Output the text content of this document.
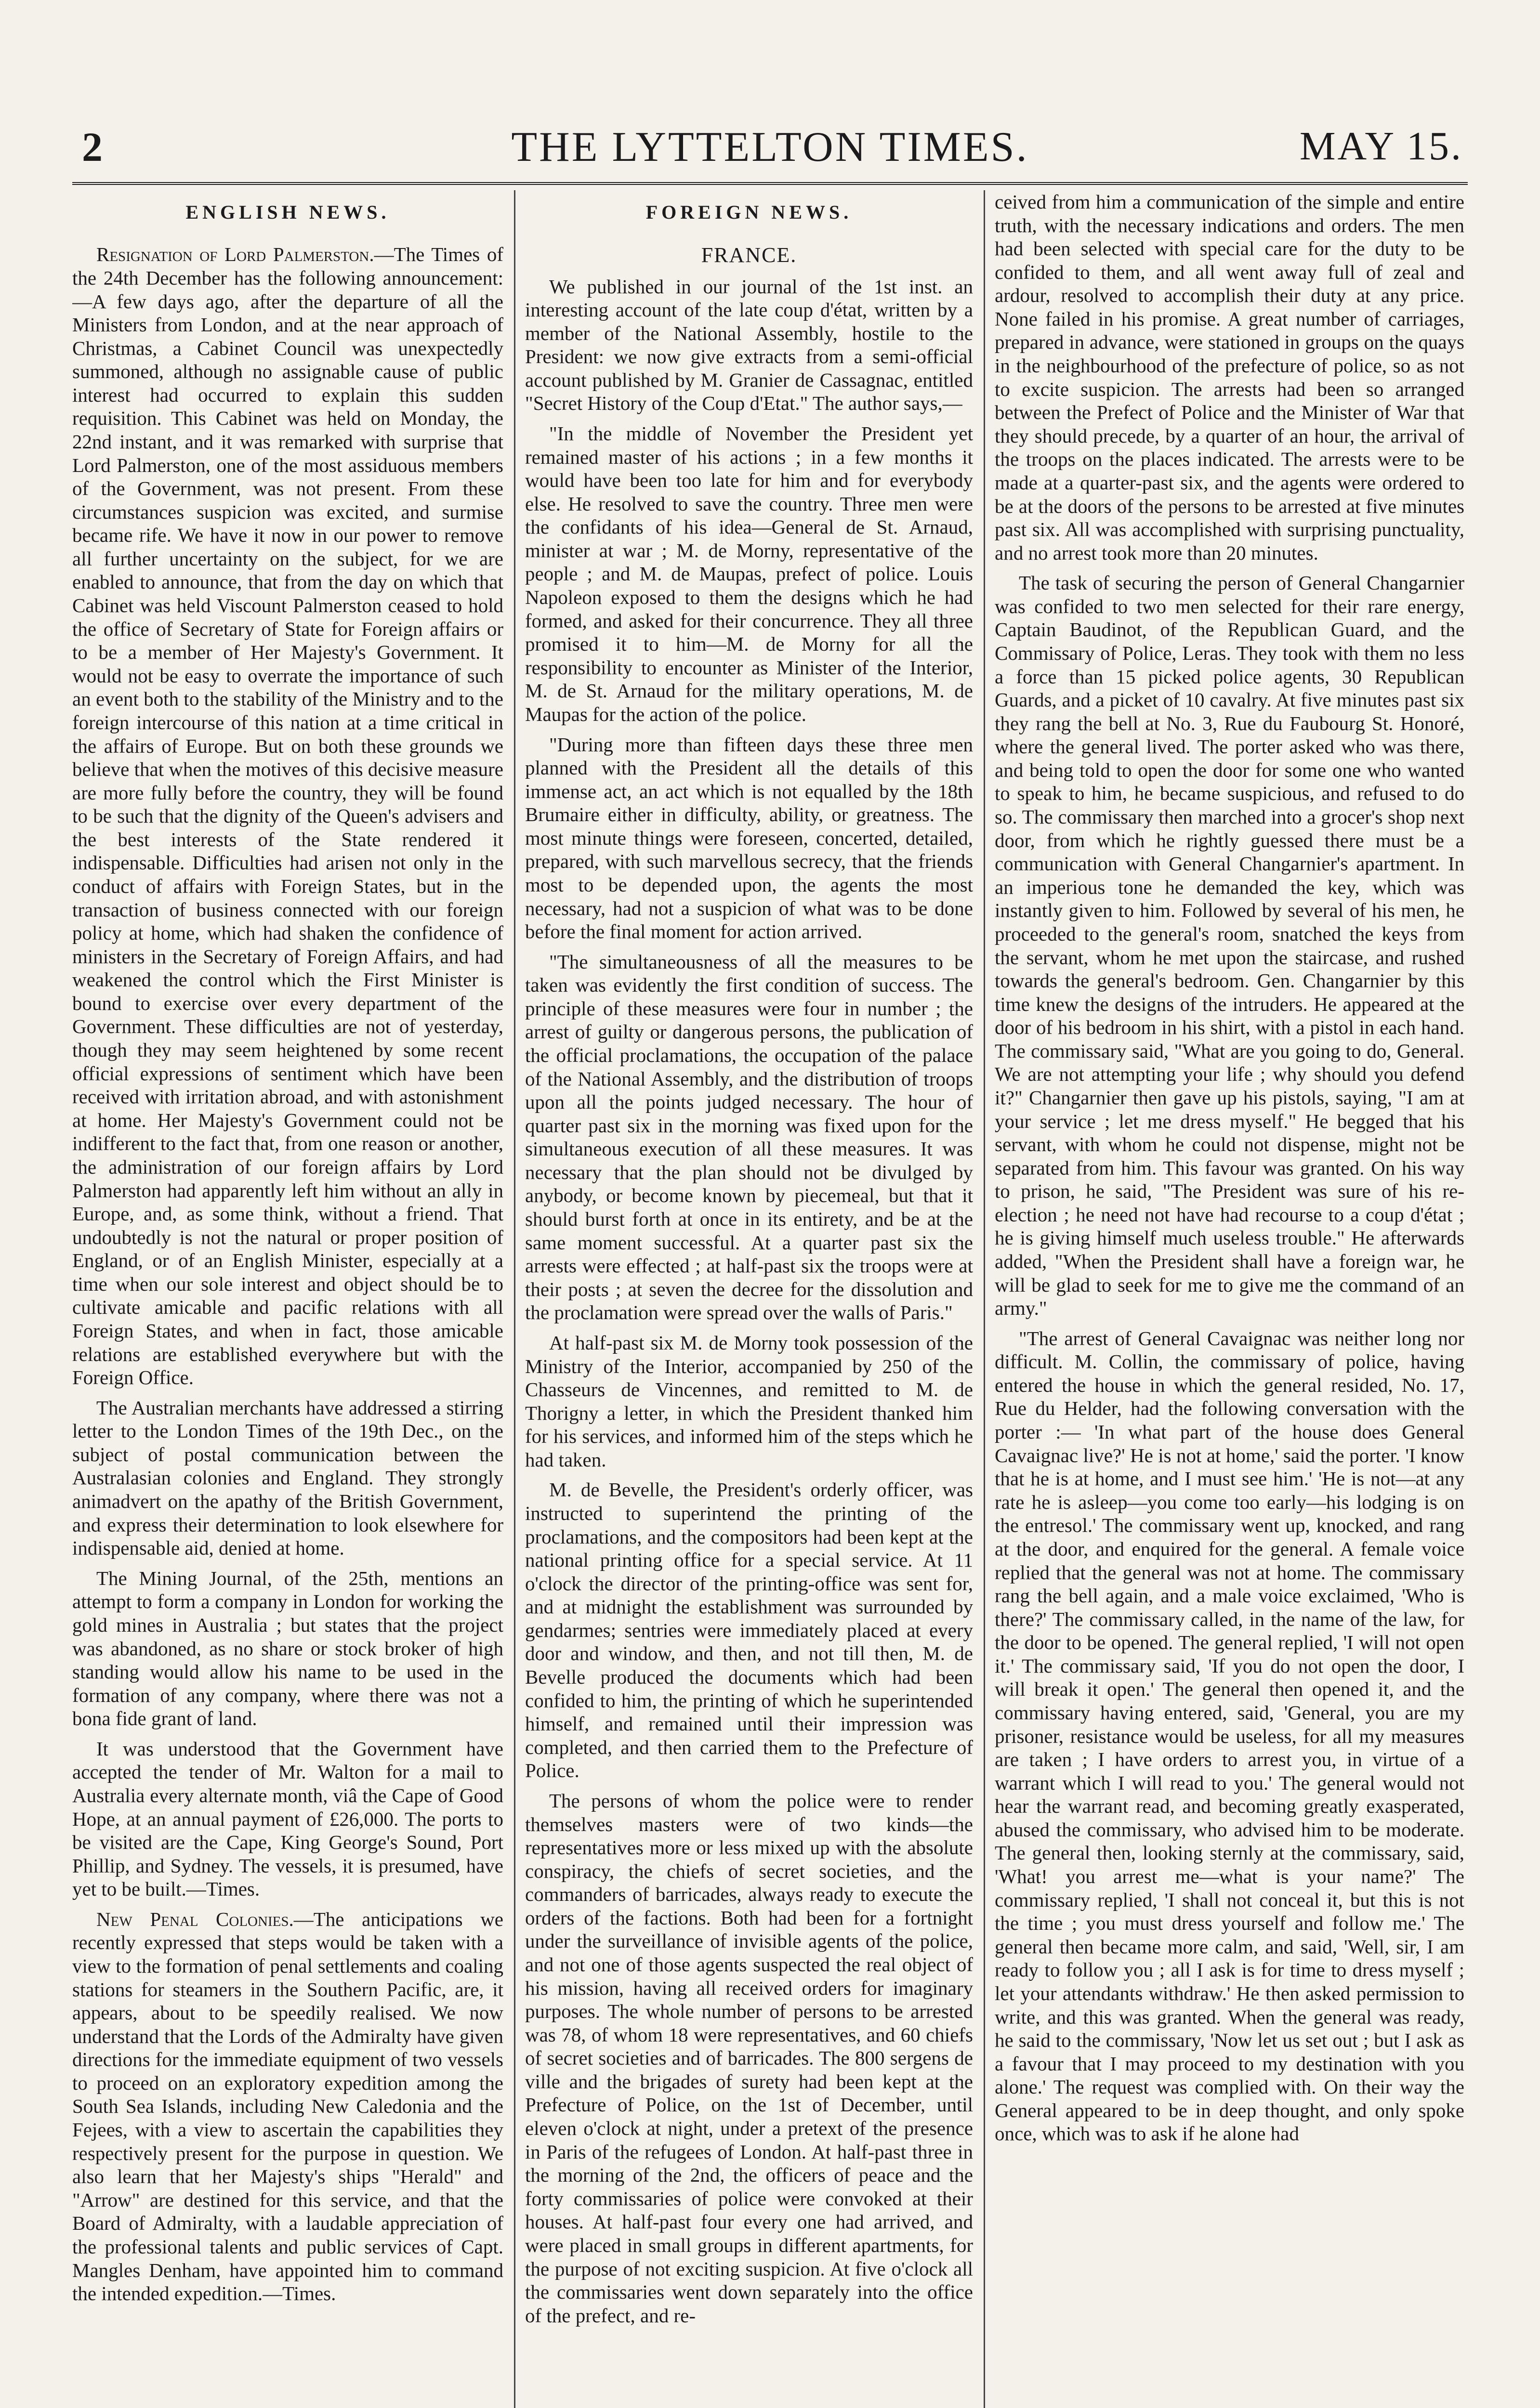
2	THE LYTTELTON TIMES.	MAY 15.
ENGLISH NEWS.

Resignation of Lord Palmerston.—The Times of the 24th December has the following announcement:—A few days ago, after the departure of all the Ministers from London, and at the near approach of Christmas, a Cabinet Council was unexpectedly summoned, although no assignable cause of public interest had occurred to explain this sudden requisition. This Cabinet was held on Monday, the 22nd instant, and it was remarked with surprise that Lord Palmerston, one of the most assiduous members of the Government, was not present. From these circumstances suspicion was excited, and surmise became rife. We have it now in our power to remove all further uncertainty on the subject, for we are enabled to announce, that from the day on which that Cabinet was held Viscount Palmerston ceased to hold the office of Secretary of State for Foreign affairs or to be a member of Her Majesty's Government. It would not be easy to overrate the importance of such an event both to the stability of the Ministry and to the foreign intercourse of this nation at a time critical in the affairs of Europe. But on both these grounds we believe that when the motives of this decisive measure are more fully before the country, they will be found to be such that the dignity of the Queen's advisers and the best interests of the State rendered it indispensable. Difficulties had arisen not only in the conduct of affairs with Foreign States, but in the transaction of business connected with our foreign policy at home, which had shaken the confidence of ministers in the Secretary of Foreign Affairs, and had weakened the control which the First Minister is bound to exercise over every department of the Government. These difficulties are not of yesterday, though they may seem heightened by some recent official expressions of sentiment which have been received with irritation abroad, and with astonishment at home. Her Majesty's Government could not be indifferent to the fact that, from one reason or another, the administration of our foreign affairs by Lord Palmerston had apparently left him without an ally in Europe, and, as some think, without a friend. That undoubtedly is not the natural or proper position of England, or of an English Minister, especially at a time when our sole interest and object should be to cultivate amicable and pacific relations with all Foreign States, and when in fact, those amicable relations are established everywhere but with the Foreign Office.

The Australian merchants have addressed a stirring letter to the London Times of the 19th Dec., on the subject of postal communication between the Australasian colonies and England. They strongly animadvert on the apathy of the British Government, and express their determination to look elsewhere for indispensable aid, denied at home.

The Mining Journal, of the 25th, mentions an attempt to form a company in London for working the gold mines in Australia ; but states that the project was abandoned, as no share or stock broker of high standing would allow his name to be used in the formation of any company, where there was not a bona fide grant of land.

It was understood that the Government have accepted the tender of Mr. Walton for a mail to Australia every alternate month, viâ the Cape of Good Hope, at an annual payment of £26,000. The ports to be visited are the Cape, King George's Sound, Port Phillip, and Sydney. The vessels, it is presumed, have yet to be built.—Times.

New Penal Colonies.—The anticipations we recently expressed that steps would be taken with a view to the formation of penal settlements and coaling stations for steamers in the Southern Pacific, are, it appears, about to be speedily realised. We now understand that the Lords of the Admiralty have given directions for the immediate equipment of two vessels to proceed on an exploratory expedition among the South Sea Islands, including New Caledonia and the Fejees, with a view to ascertain the capabilities they respectively present for the purpose in question. We also learn that her Majesty's ships "Herald" and "Arrow" are destined for this service, and that the Board of Admiralty, with a laudable appreciation of the professional talents and public services of Capt. Mangles Denham, have appointed him to command the intended expedition.—Times.

FOREIGN NEWS.
FRANCE.

We published in our journal of the 1st inst. an interesting account of the late coup d'état, written by a member of the National Assembly, hostile to the President: we now give extracts from a semi-official account published by M. Granier de Cassagnac, entitled "Secret History of the Coup d'Etat." The author says,—

"In the middle of November the President yet remained master of his actions ; in a few months it would have been too late for him and for everybody else. He resolved to save the country. Three men were the confidants of his idea—General de St. Arnaud, minister at war ; M. de Morny, representative of the people ; and M. de Maupas, prefect of police. Louis Napoleon exposed to them the designs which he had formed, and asked for their concurrence. They all three promised it to him—M. de Morny for all the responsibility to encounter as Minister of the Interior, M. de St. Arnaud for the military operations, M. de Maupas for the action of the police.

"During more than fifteen days these three men planned with the President all the details of this immense act, an act which is not equalled by the 18th Brumaire either in difficulty, ability, or greatness. The most minute things were foreseen, concerted, detailed, prepared, with such marvellous secrecy, that the friends most to be depended upon, the agents the most necessary, had not a suspicion of what was to be done before the final moment for action arrived.

"The simultaneousness of all the measures to be taken was evidently the first condition of success. The principle of these measures were four in number ; the arrest of guilty or dangerous persons, the publication of the official proclamations, the occupation of the palace of the National Assembly, and the distribution of troops upon all the points judged necessary. The hour of quarter past six in the morning was fixed upon for the simultaneous execution of all these measures. It was necessary that the plan should not be divulged by anybody, or become known by piecemeal, but that it should burst forth at once in its entirety, and be at the same moment successful. At a quarter past six the arrests were effected ; at half-past six the troops were at their posts ; at seven the decree for the dissolution and the proclamation were spread over the walls of Paris."

At half-past six M. de Morny took possession of the Ministry of the Interior, accompanied by 250 of the Chasseurs de Vincennes, and remitted to M. de Thorigny a letter, in which the President thanked him for his services, and informed him of the steps which he had taken.

M. de Bevelle, the President's orderly officer, was instructed to superintend the printing of the proclamations, and the compositors had been kept at the national printing office for a special service. At 11 o'clock the director of the printing-office was sent for, and at midnight the establishment was surrounded by gendarmes; sentries were immediately placed at every door and window, and then, and not till then, M. de Bevelle produced the documents which had been confided to him, the printing of which he superintended himself, and remained until their impression was completed, and then carried them to the Prefecture of Police.

The persons of whom the police were to render themselves masters were of two kinds—the representatives more or less mixed up with the absolute conspiracy, the chiefs of secret societies, and the commanders of barricades, always ready to execute the orders of the factions. Both had been for a fortnight under the surveillance of invisible agents of the police, and not one of those agents suspected the real object of his mission, having all received orders for imaginary purposes. The whole number of persons to be arrested was 78, of whom 18 were representatives, and 60 chiefs of secret societies and of barricades. The 800 sergens de ville and the brigades of surety had been kept at the Prefecture of Police, on the 1st of December, until eleven o'clock at night, under a pretext of the presence in Paris of the refugees of London. At half-past three in the morning of the 2nd, the officers of peace and the forty commissaries of police were convoked at their houses. At half-past four every one had arrived, and were placed in small groups in different apartments, for the purpose of not exciting suspicion. At five o'clock all the commissaries went down separately into the office of the prefect, and re-

ceived from him a communication of the simple and entire truth, with the necessary indications and orders. The men had been selected with special care for the duty to be confided to them, and all went away full of zeal and ardour, resolved to accomplish their duty at any price. None failed in his promise. A great number of carriages, prepared in advance, were stationed in groups on the quays in the neighbourhood of the prefecture of police, so as not to excite suspicion. The arrests had been so arranged between the Prefect of Police and the Minister of War that they should precede, by a quarter of an hour, the arrival of the troops on the places indicated. The arrests were to be made at a quarter-past six, and the agents were ordered to be at the doors of the persons to be arrested at five minutes past six. All was accomplished with surprising punctuality, and no arrest took more than 20 minutes.

The task of securing the person of General Changarnier was confided to two men selected for their rare energy, Captain Baudinot, of the Republican Guard, and the Commissary of Police, Leras. They took with them no less a force than 15 picked police agents, 30 Republican Guards, and a picket of 10 cavalry. At five minutes past six they rang the bell at No. 3, Rue du Faubourg St. Honoré, where the general lived. The porter asked who was there, and being told to open the door for some one who wanted to speak to him, he became suspicious, and refused to do so. The commissary then marched into a grocer's shop next door, from which he rightly guessed there must be a communication with General Changarnier's apartment. In an imperious tone he demanded the key, which was instantly given to him. Followed by several of his men, he proceeded to the general's room, snatched the keys from the servant, whom he met upon the staircase, and rushed towards the general's bedroom. Gen. Changarnier by this time knew the designs of the intruders. He appeared at the door of his bedroom in his shirt, with a pistol in each hand. The commissary said, "What are you going to do, General. We are not attempting your life ; why should you defend it?" Changarnier then gave up his pistols, saying, "I am at your service ; let me dress myself." He begged that his servant, with whom he could not dispense, might not be separated from him. This favour was granted. On his way to prison, he said, "The President was sure of his re-election ; he need not have had recourse to a coup d'état ; he is giving himself much useless trouble." He afterwards added, "When the President shall have a foreign war, he will be glad to seek for me to give me the command of an army."

"The arrest of General Cavaignac was neither long nor difficult. M. Collin, the commissary of police, having entered the house in which the general resided, No. 17, Rue du Helder, had the following conversation with the porter :— 'In what part of the house does General Cavaignac live?' He is not at home,' said the porter. 'I know that he is at home, and I must see him.' 'He is not—at any rate he is asleep—you come too early—his lodging is on the entresol.' The commissary went up, knocked, and rang at the door, and enquired for the general. A female voice replied that the general was not at home. The commissary rang the bell again, and a male voice exclaimed, 'Who is there?' The commissary called, in the name of the law, for the door to be opened. The general replied, 'I will not open it.' The commissary said, 'If you do not open the door, I will break it open.' The general then opened it, and the commissary having entered, said, 'General, you are my prisoner, resistance would be useless, for all my measures are taken ; I have orders to arrest you, in virtue of a warrant which I will read to you.' The general would not hear the warrant read, and becoming greatly exasperated, abused the commissary, who advised him to be moderate. The general then, looking sternly at the commissary, said, 'What! you arrest me—what is your name?' The commissary replied, 'I shall not conceal it, but this is not the time ; you must dress yourself and follow me.' The general then became more calm, and said, 'Well, sir, I am ready to follow you ; all I ask is for time to dress myself ; let your attendants withdraw.' He then asked permission to write, and this was granted. When the general was ready, he said to the commissary, 'Now let us set out ; but I ask as a favour that I may proceed to my destination with you alone.' The request was complied with. On their way the General appeared to be in deep thought, and only spoke once, which was to ask if he alone had
